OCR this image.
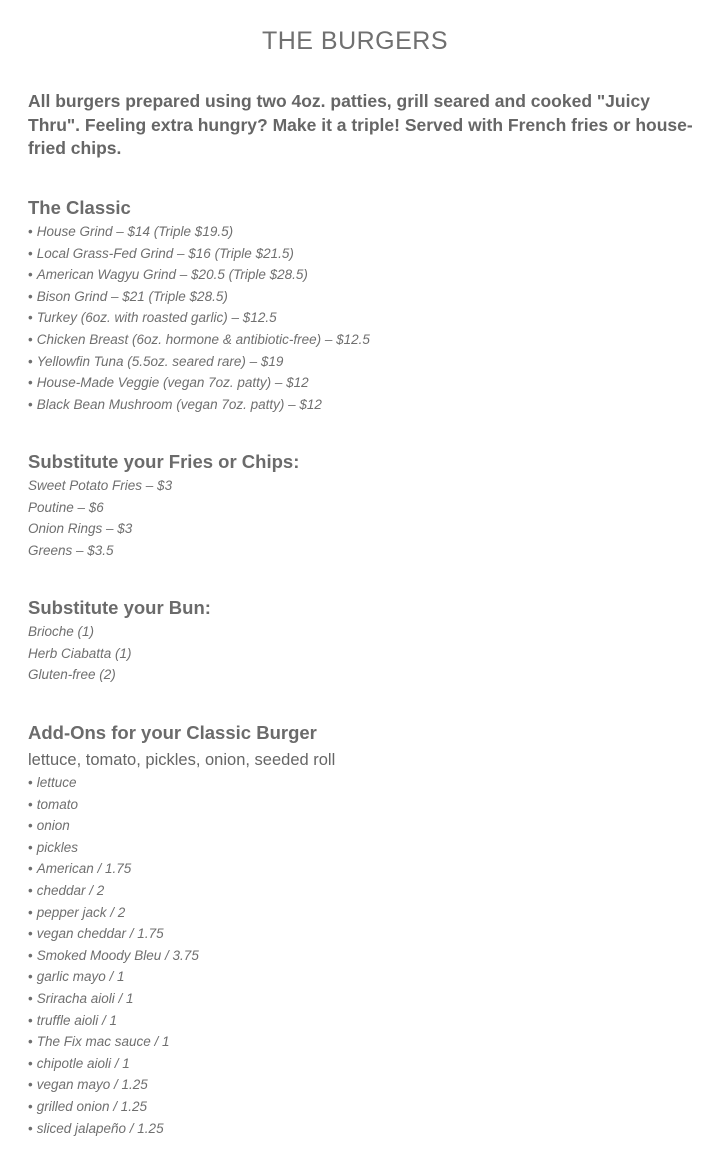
THE BURGERS

All burgers prepared using two 4oz. patties, grill seared and cooked "Juicy Thru". Feeling extra hungry? Make it a triple! Served with French fries or house-fried chips.

The Classic
• House Grind – $14 (Triple $19.5)
• Local Grass-Fed Grind – $16 (Triple $21.5)
• American Wagyu Grind – $20.5 (Triple $28.5)
• Bison Grind – $21 (Triple $28.5)
• Turkey (6oz. with roasted garlic) – $12.5
• Chicken Breast (6oz. hormone & antibiotic-free) – $12.5
• Yellowfin Tuna (5.5oz. seared rare) – $19
• House-Made Veggie (vegan 7oz. patty) – $12
• Black Bean Mushroom (vegan 7oz. patty) – $12
Substitute your Fries or Chips:
Sweet Potato Fries – $3
Poutine – $6
Onion Rings – $3
Greens – $3.5
Substitute your Bun:
Brioche (1)
Herb Ciabatta (1)
Gluten-free (2)
Add-Ons for your Classic Burger

lettuce, tomato, pickles, onion, seeded roll

• lettuce
• tomato
• onion
• pickles
• American / 1.75
• cheddar / 2
• pepper jack / 2
• vegan cheddar / 1.75
• Smoked Moody Bleu / 3.75
• garlic mayo / 1
• Sriracha aioli / 1
• truffle aioli / 1
• The Fix mac sauce / 1
• chipotle aioli / 1
• vegan mayo / 1.25
• grilled onion / 1.25
• sliced jalapeño / 1.25
